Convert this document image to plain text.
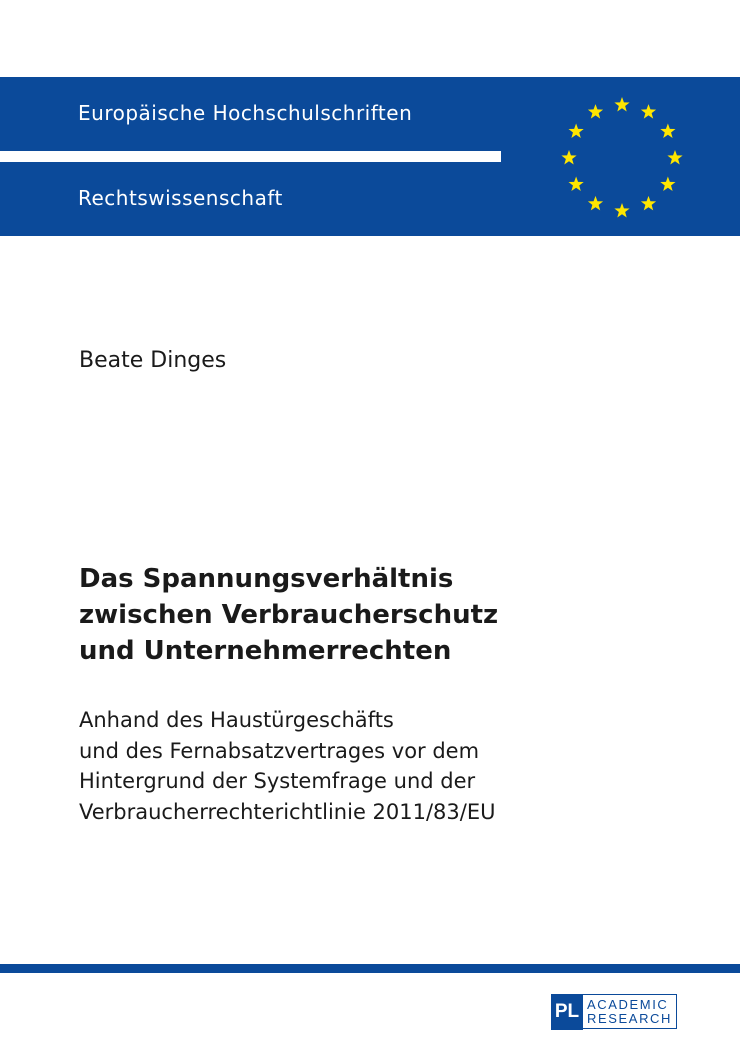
Europäische Hochschulschriften
Rechtswissenschaft
Beate Dinges
Das Spannungsverhältnis
zwischen Verbraucherschutz
und Unternehmerrechten
Anhand des Haustürgeschäfts
und des Fernabsatzvertrages vor dem
Hintergrund der Systemfrage und der
Verbraucherrechterichtlinie 2011/83/EU
PL ACADEMIC
RESEARCH
